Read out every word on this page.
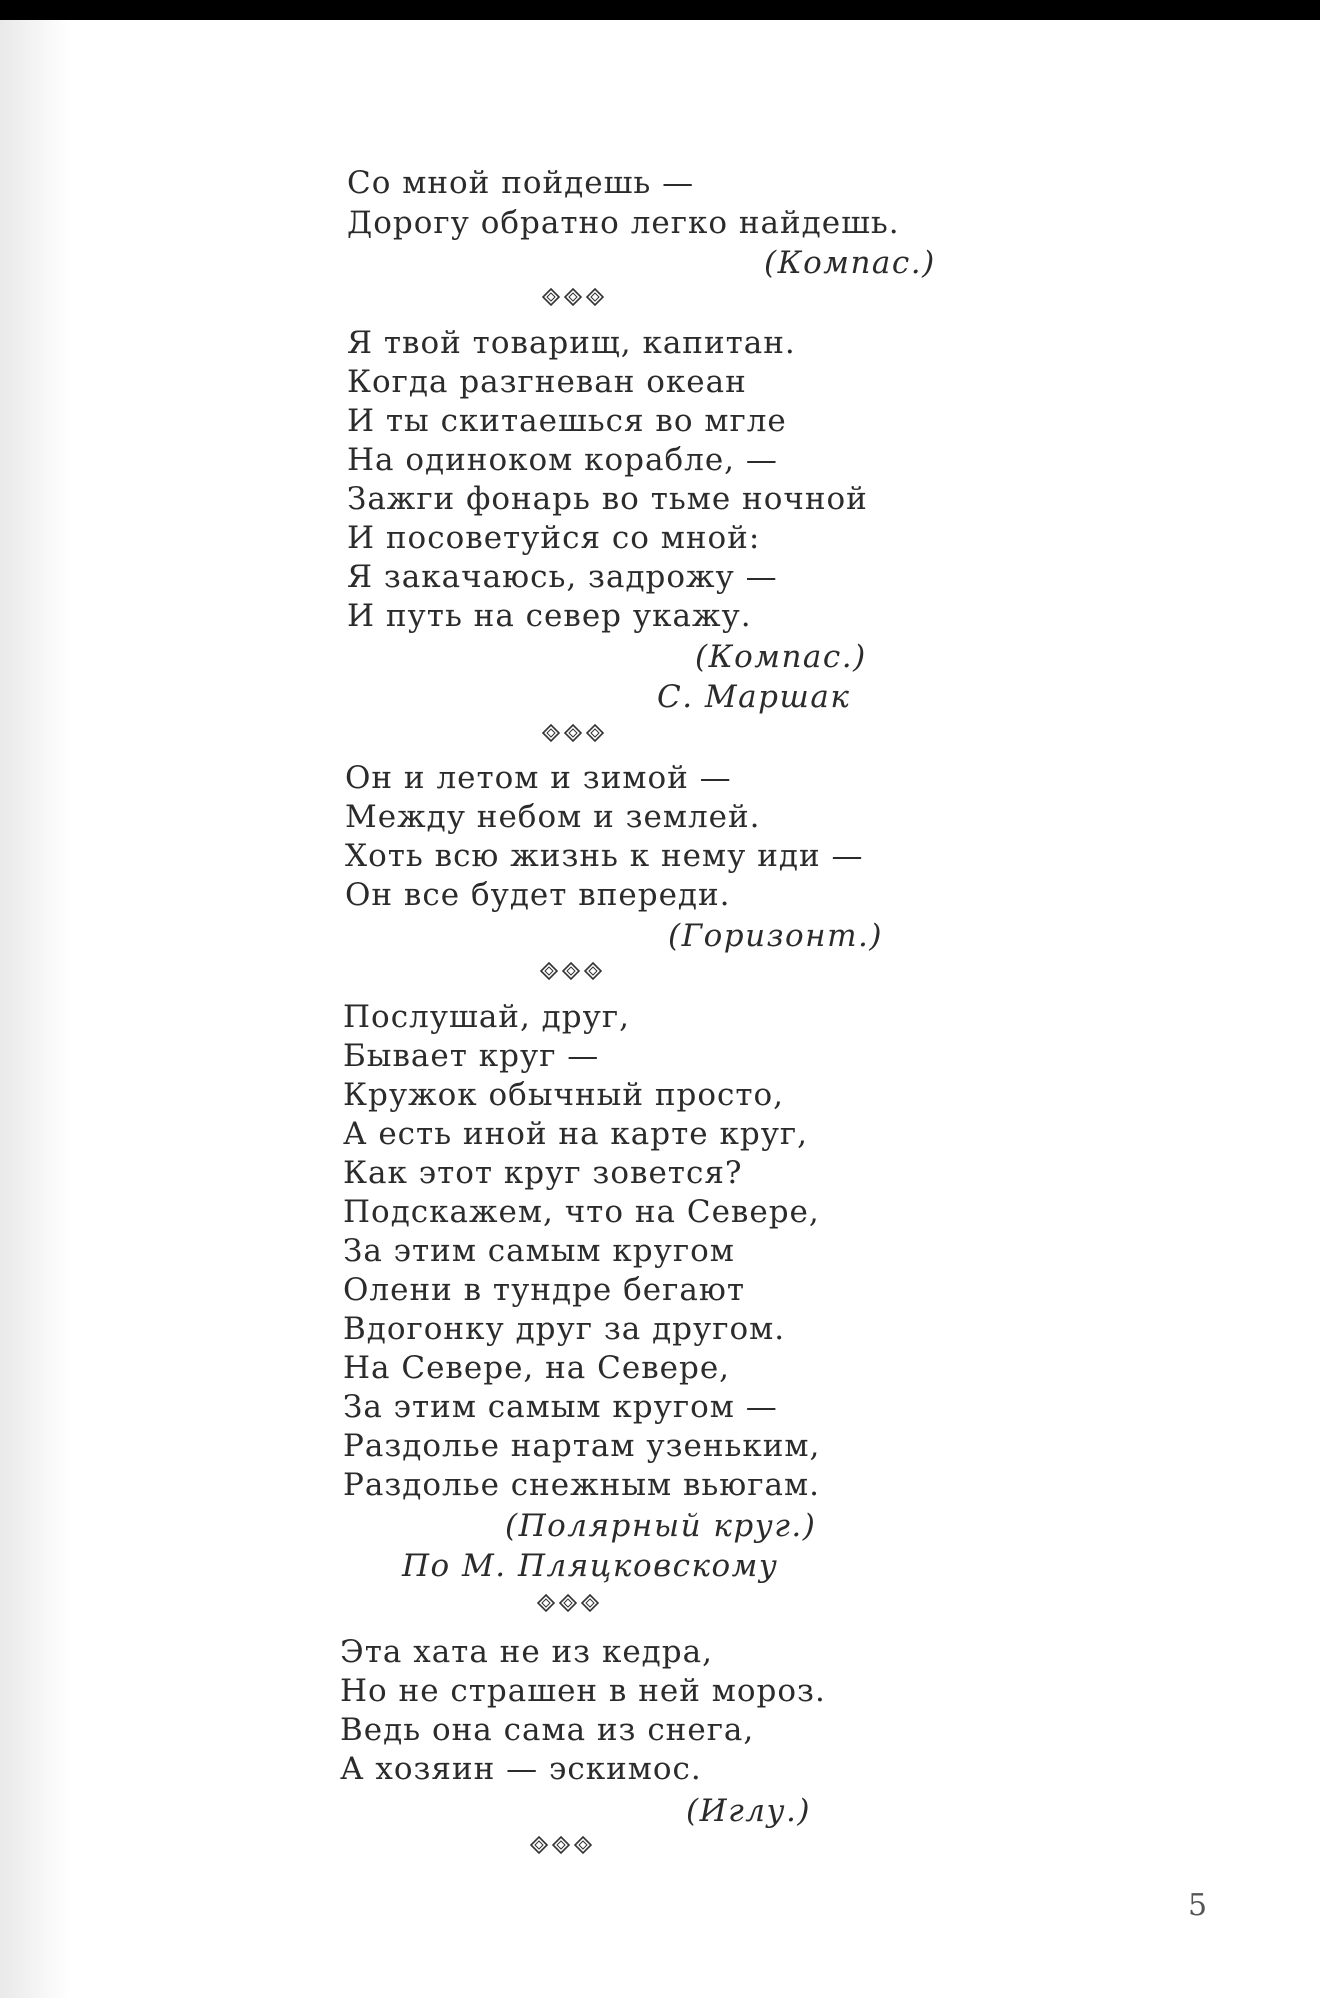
Со мной пойдешь —
Дорогу обратно легко найдешь.
(Компас.)
Я твой товарищ, капитан.
Когда разгневан океан
И ты скитаешься во мгле
На одиноком корабле, —
Зажги фонарь во тьме ночной
И посоветуйся со мной:
Я закачаюсь, задрожу —
И путь на север укажу.
(Компас.)
С. Маршак
Он и летом и зимой —
Между небом и землей.
Хоть всю жизнь к нему иди —
Он все будет впереди.
(Горизонт.)
Послушай, друг,
Бывает круг —
Кружок обычный просто,
А есть иной на карте круг,
Как этот круг зовется?
Подскажем, что на Севере,
За этим самым кругом
Олени в тундре бегают
Вдогонку друг за другом.
На Севере, на Севере,
За этим самым кругом —
Раздолье нартам узеньким,
Раздолье снежным вьюгам.
(Полярный круг.)
По М. Пляцковскому
Эта хата не из кедра,
Но не страшен в ней мороз.
Ведь она сама из снега,
А хозяин — эскимос.
(Иглу.)
5
